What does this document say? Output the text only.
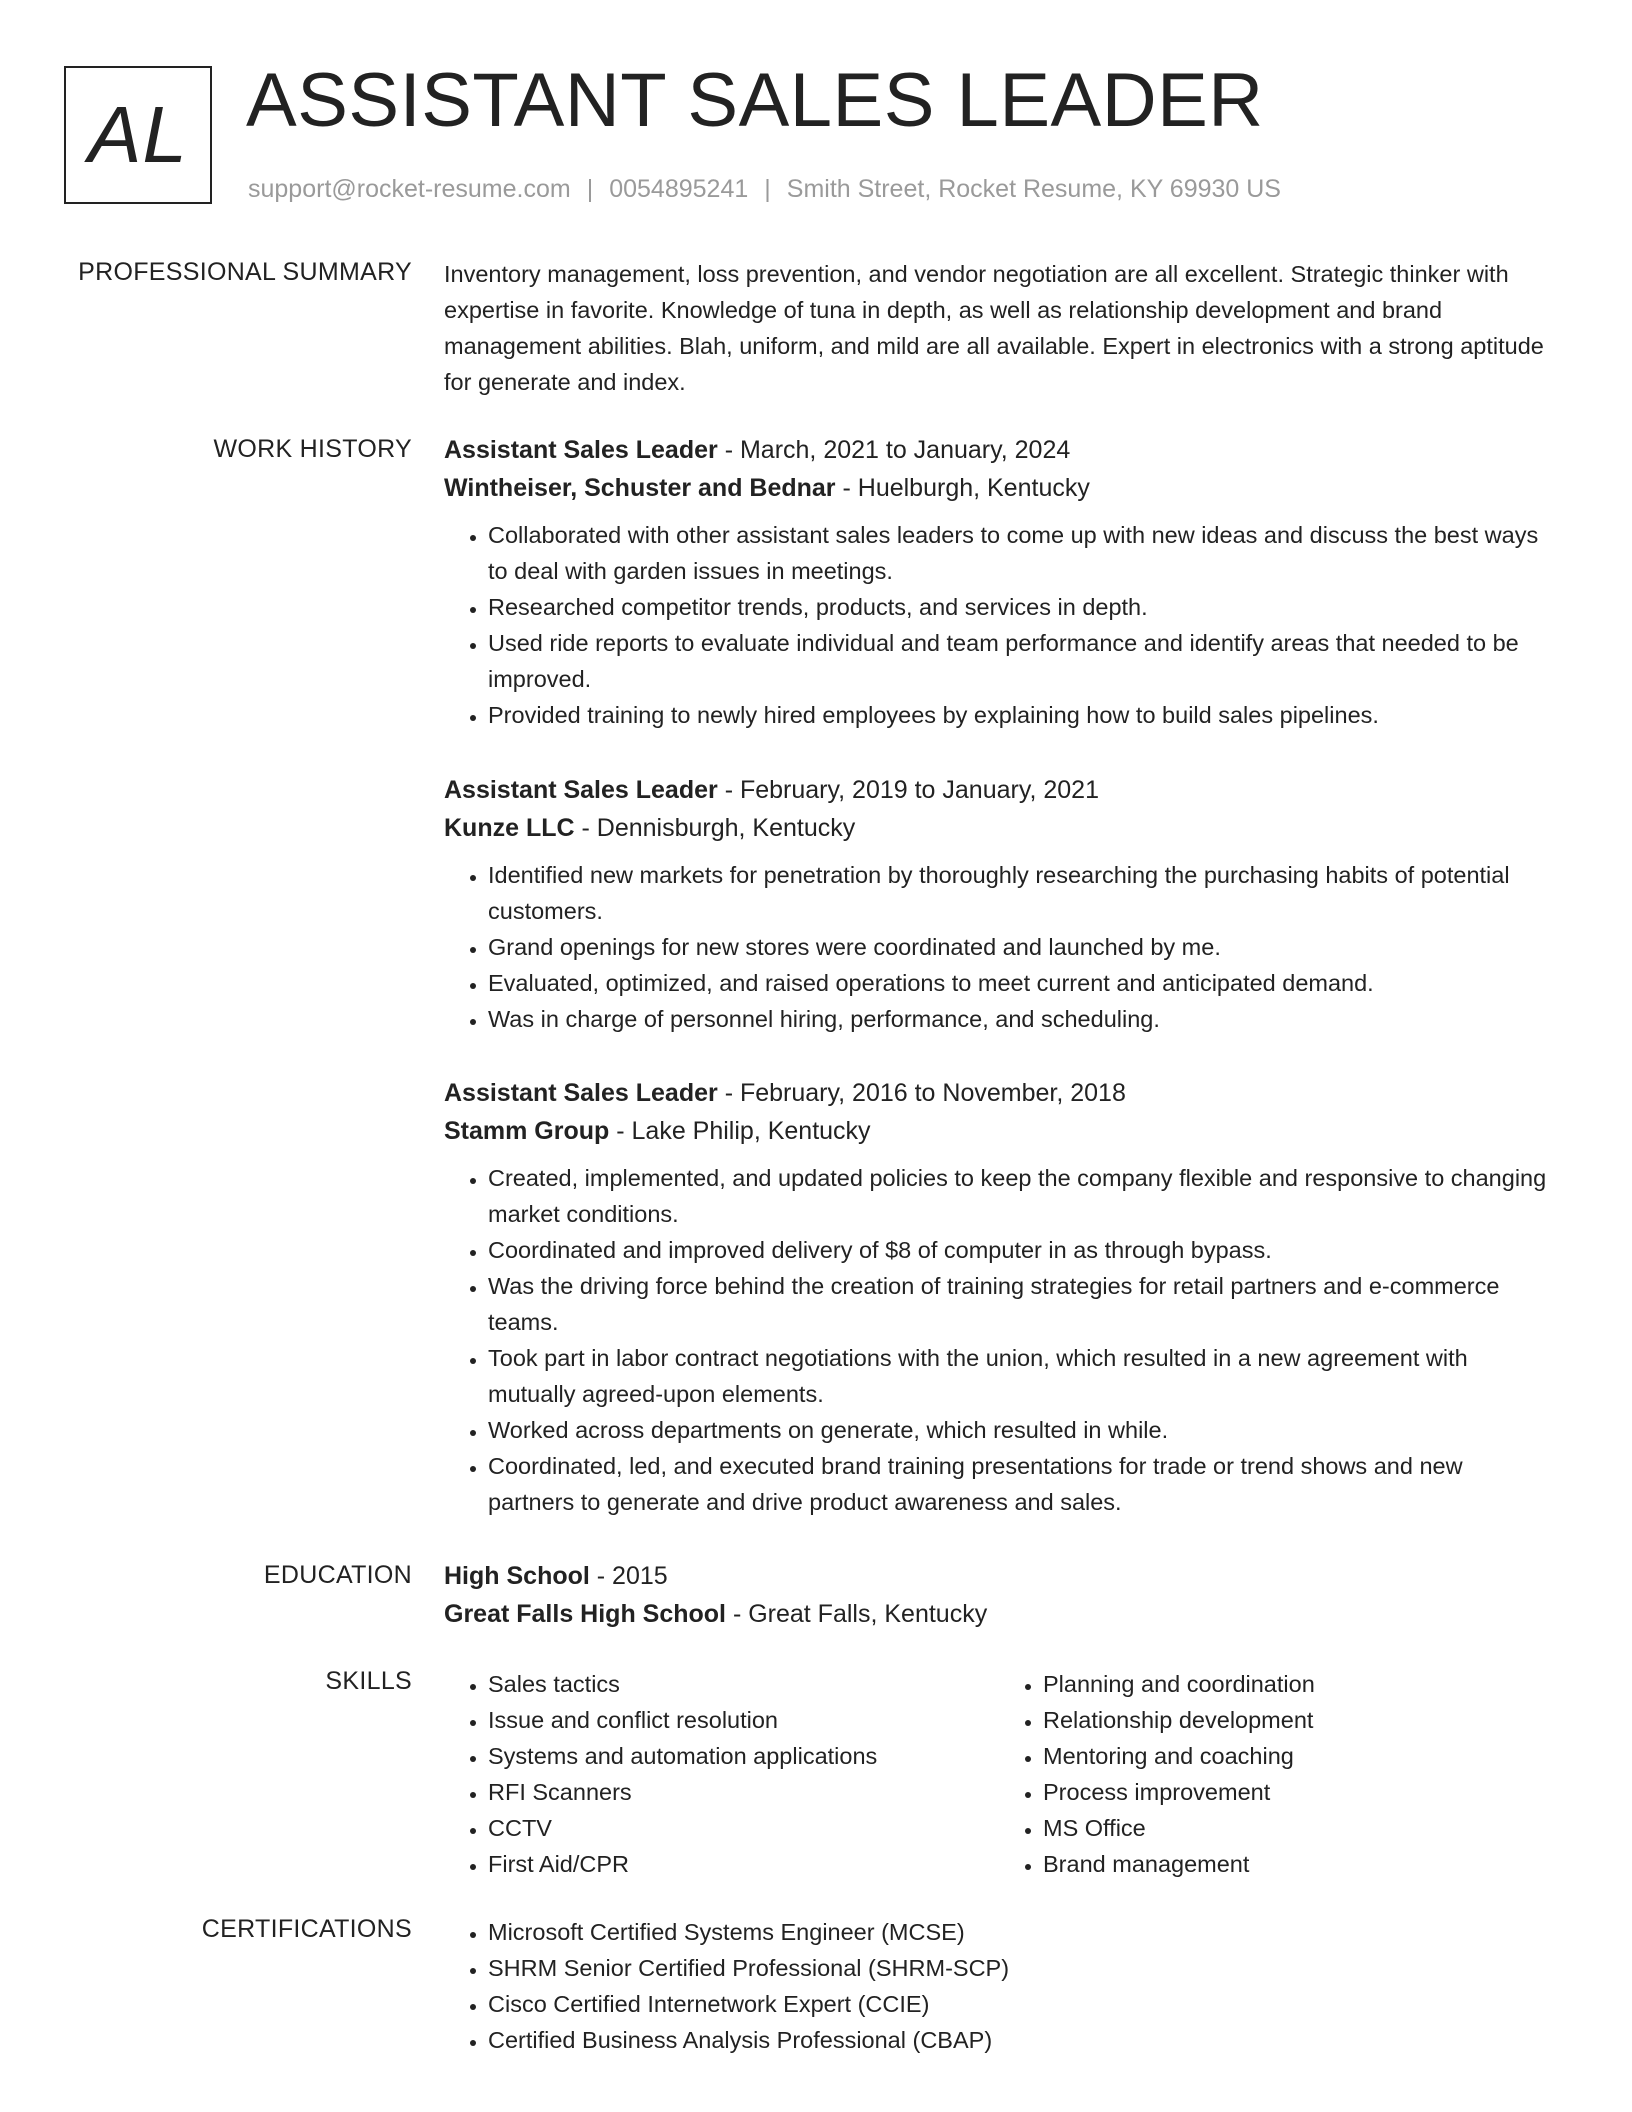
AL ASSISTANT SALES LEADER
support@rocket-resume.com | 0054895241 | Smith Street, Rocket Resume, KY 69930 US
PROFESSIONAL SUMMARY Inventory management, loss prevention, and vendor negotiation are all excellent. Strategic thinker with expertise in favorite. Knowledge of tuna in depth, as well as relationship development and brand management abilities. Blah, uniform, and mild are all available. Expert in electronics with a strong aptitude for generate and index.

WORK HISTORY Assistant Sales Leader - March, 2021 to January, 2024

Wintheiser, Schuster and Bednar - Huelburgh, Kentucky

• Collaborated with other assistant sales leaders to come up with new ideas and discuss the best ways to deal with garden issues in meetings.
• Researched competitor trends, products, and services in depth.
• Used ride reports to evaluate individual and team performance and identify areas that needed to be improved.
• Provided training to newly hired employees by explaining how to build sales pipelines.

Assistant Sales Leader - February, 2019 to January, 2021

Kunze LLC - Dennisburgh, Kentucky

• Identified new markets for penetration by thoroughly researching the purchasing habits of potential customers.
• Grand openings for new stores were coordinated and launched by me.
• Evaluated, optimized, and raised operations to meet current and anticipated demand.
• Was in charge of personnel hiring, performance, and scheduling.

Assistant Sales Leader - February, 2016 to November, 2018

Stamm Group - Lake Philip, Kentucky

• Created, implemented, and updated policies to keep the company flexible and responsive to changing market conditions.
• Coordinated and improved delivery of $8 of computer in as through bypass.
• Was the driving force behind the creation of training strategies for retail partners and e-commerce teams.
• Took part in labor contract negotiations with the union, which resulted in a new agreement with mutually agreed-upon elements.
• Worked across departments on generate, which resulted in while.
• Coordinated, led, and executed brand training presentations for trade or trend shows and new partners to generate and drive product awareness and sales.
EDUCATION High School - 2015

Great Falls High School - Great Falls, Kentucky

SKILLS	• Sales tactics
• Issue and conflict resolution
• Systems and automation applications
• RFI Scanners
• CCTV
• First Aid/CPR
• Planning and coordination
• Relationship development
• Mentoring and coaching
• Process improvement
• MS Office
• Brand management
CERTIFICATIONS	• Microsoft Certified Systems Engineer (MCSE)
• SHRM Senior Certified Professional (SHRM-SCP)
• Cisco Certified Internetwork Expert (CCIE)
• Certified Business Analysis Professional (CBAP)
